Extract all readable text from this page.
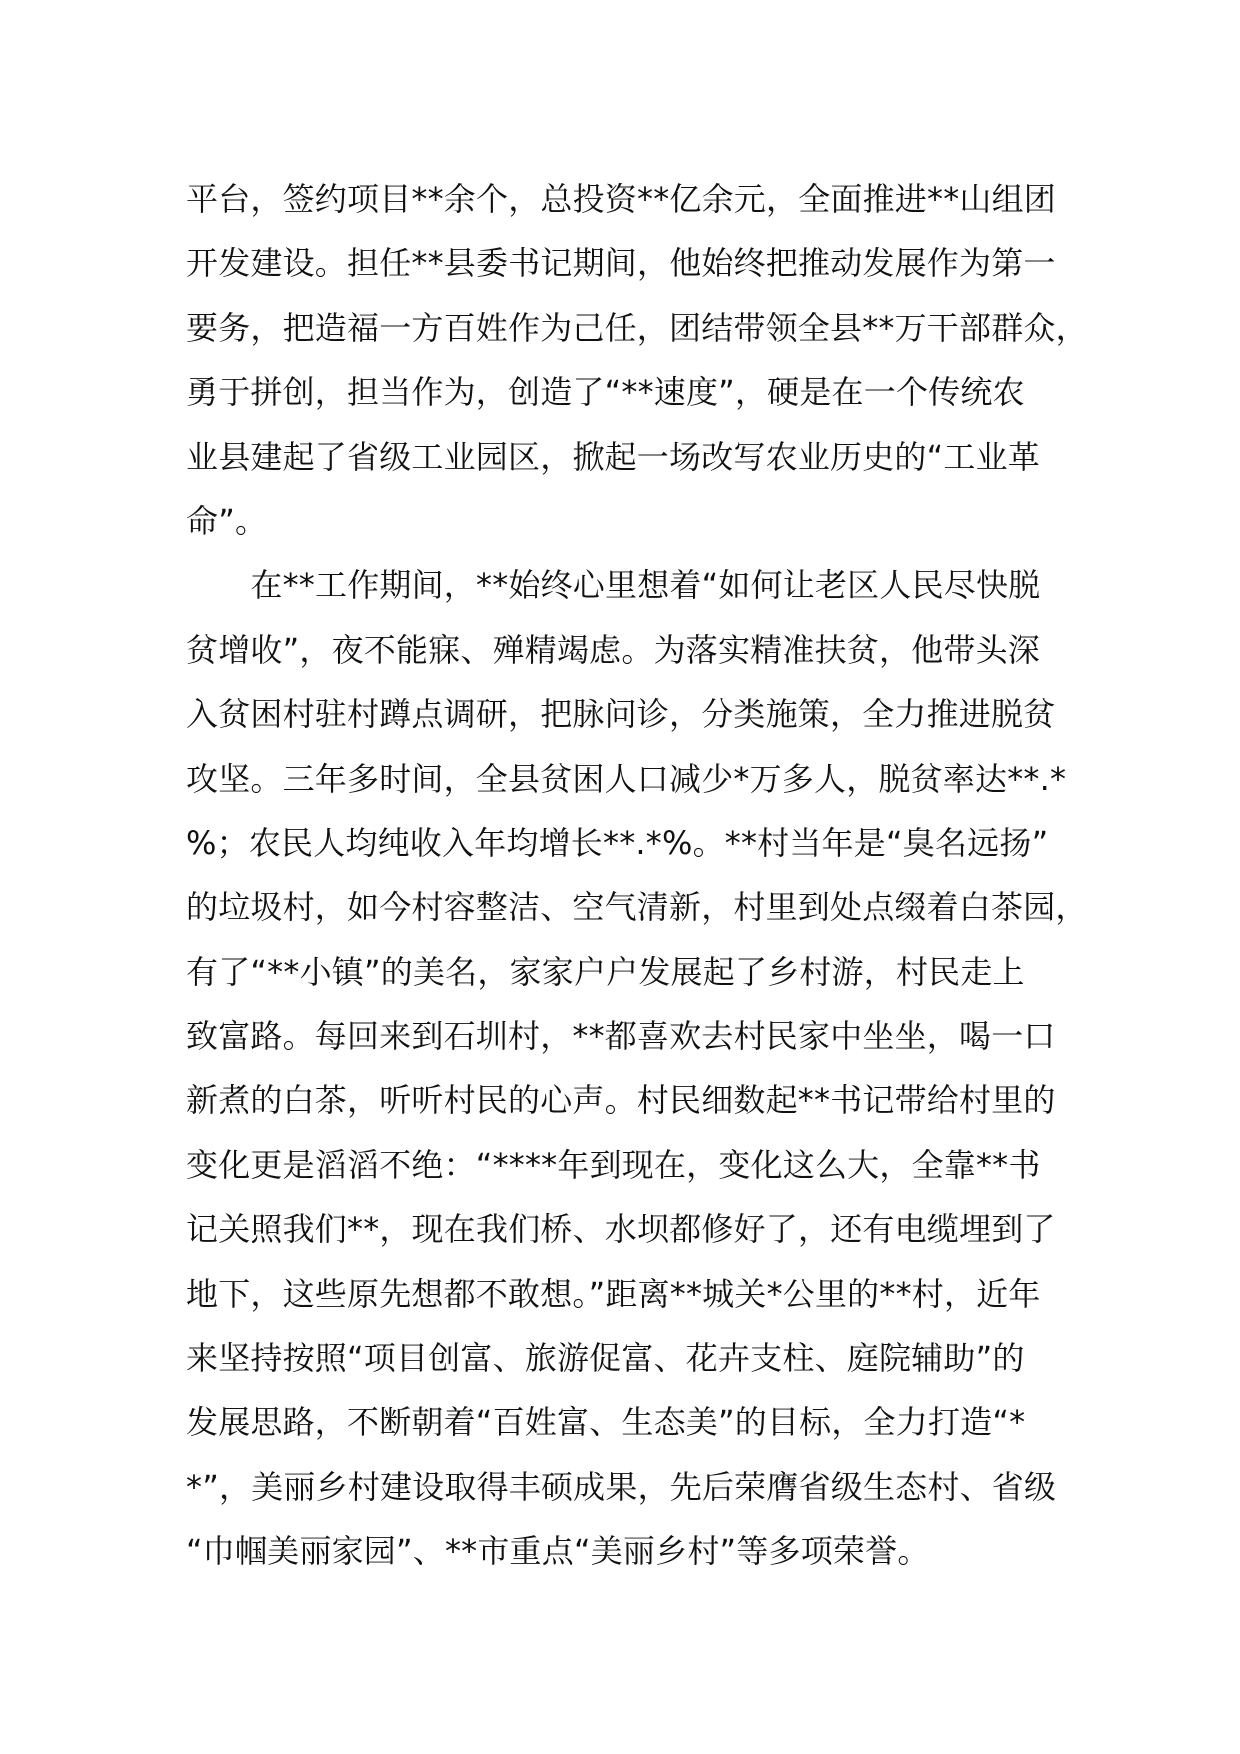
平台，签约项目**余个，总投资**亿余元，全面推进**山组团
开发建设。担任**县委书记期间，他始终把推动发展作为第一
要务，把造福一方百姓作为己任，团结带领全县**万干部群众，
勇于拼创，担当作为，创造了“**速度”，硬是在一个传统农
业县建起了省级工业园区，掀起一场改写农业历史的“工业革
命”。
　　在**工作期间，**始终心里想着“如何让老区人民尽快脱
贫增收”，夜不能寐、殚精竭虑。为落实精准扶贫，他带头深
入贫困村驻村蹲点调研，把脉问诊，分类施策，全力推进脱贫
攻坚。三年多时间，全县贫困人口减少*万多人，脱贫率达**.*
%；农民人均纯收入年均增长**.*%。**村当年是“臭名远扬”
的垃圾村，如今村容整洁、空气清新，村里到处点缀着白茶园，
有了“**小镇”的美名，家家户户发展起了乡村游，村民走上
致富路。每回来到石圳村，**都喜欢去村民家中坐坐，喝一口
新煮的白茶，听听村民的心声。村民细数起**书记带给村里的
变化更是滔滔不绝：“****年到现在，变化这么大，全靠**书
记关照我们**，现在我们桥、水坝都修好了，还有电缆埋到了
地下，这些原先想都不敢想。”距离**城关*公里的**村，近年
来坚持按照“项目创富、旅游促富、花卉支柱、庭院辅助”的
发展思路，不断朝着“百姓富、生态美”的目标，全力打造“*
*”，美丽乡村建设取得丰硕成果，先后荣膺省级生态村、省级
“巾帼美丽家园”、**市重点“美丽乡村”等多项荣誉。
